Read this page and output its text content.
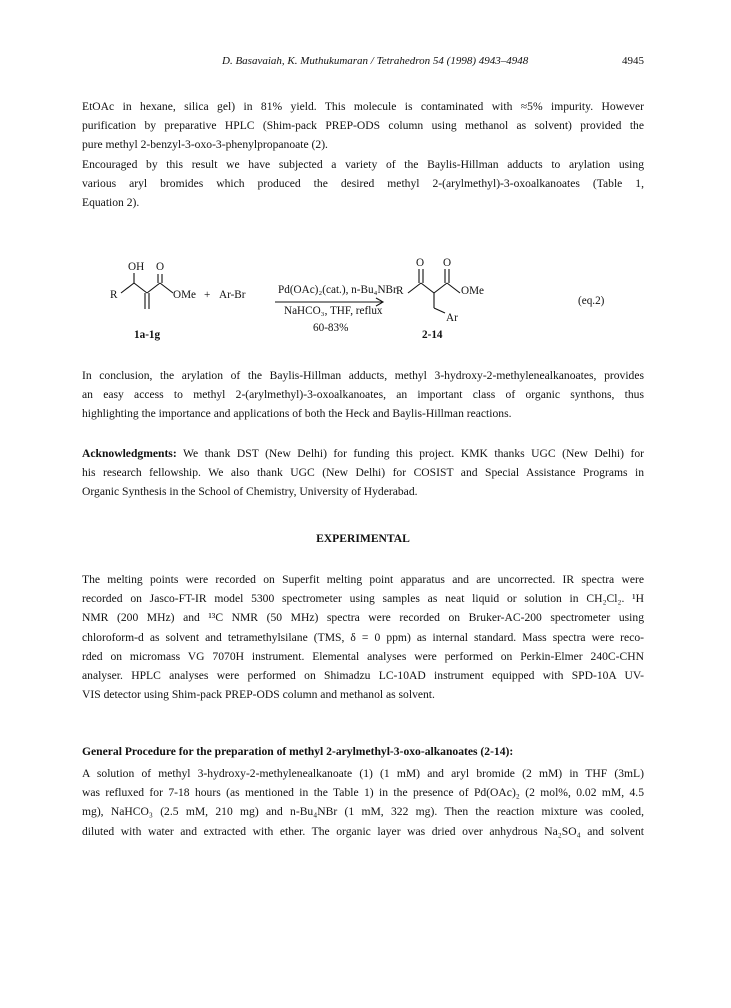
D. Basavaiah, K. Muthukumaran / Tetrahedron 54 (1998) 4943–4948	4945
EtOAc in hexane, silica gel) in 81% yield. This molecule is contaminated with ≈5% impurity. However
purification by preparative HPLC (Shim-pack PREP-ODS column using methanol as solvent) provided the
pure methyl 2-benzyl-3-oxo-3-phenylpropanoate (2).
Encouraged by this result we have subjected a variety of the Baylis-Hillman adducts to arylation using
various aryl bromides which produced the desired methyl 2-(arylmethyl)-3-oxoalkanoates (Table 1,
Equation 2).
OH O
R	OMe + Ar-Br	Pd(OAc)₂(cat.), n-Bu₄NBr
NaHCO₃, THF, reflux
60-83%
1a-1g
R
O O
OMe
Ar
2-14
(eq.2)
In conclusion, the arylation of the Baylis-Hillman adducts, methyl 3-hydroxy-2-methylenealkanoates, provides
an easy access to methyl 2-(arylmethyl)-3-oxoalkanoates, an important class of organic synthons, thus
highlighting the importance and applications of both the Heck and Baylis-Hillman reactions.
Acknowledgments: We thank DST (New Delhi) for funding this project. KMK thanks UGC (New Delhi) for
his research fellowship. We also thank UGC (New Delhi) for COSIST and Special Assistance Programs in
Organic Synthesis in the School of Chemistry, University of Hyderabad.
EXPERIMENTAL
The melting points were recorded on Superfit melting point apparatus and are uncorrected. IR spectra were
recorded on Jasco-FT-IR model 5300 spectrometer using samples as neat liquid or solution in CH₂Cl₂. ¹H
NMR (200 MHz) and ¹³C NMR (50 MHz) spectra were recorded on Bruker-AC-200 spectrometer using
chloroform-d as solvent and tetramethylsilane (TMS, δ = 0 ppm) as internal standard. Mass spectra were reco-
rded on micromass VG 7070H instrument. Elemental analyses were performed on Perkin-Elmer 240C-CHN
analyser. HPLC analyses were performed on Shimadzu LC-10AD instrument equipped with SPD-10A UV-
VIS detector using Shim-pack PREP-ODS column and methanol as solvent.
General Procedure for the preparation of methyl 2-arylmethyl-3-oxo-alkanoates (2-14):
A solution of methyl 3-hydroxy-2-methylenealkanoate (1) (1 mM) and aryl bromide (2 mM) in THF (3mL)
was refluxed for 7-18 hours (as mentioned in the Table 1) in the presence of Pd(OAc)₂ (2 mol%, 0.02 mM, 4.5
mg), NaHCO₃ (2.5 mM, 210 mg) and n-Bu₄NBr (1 mM, 322 mg). Then the reaction mixture was cooled,
diluted with water and extracted with ether. The organic layer was dried over anhydrous Na₂SO₄ and solvent
